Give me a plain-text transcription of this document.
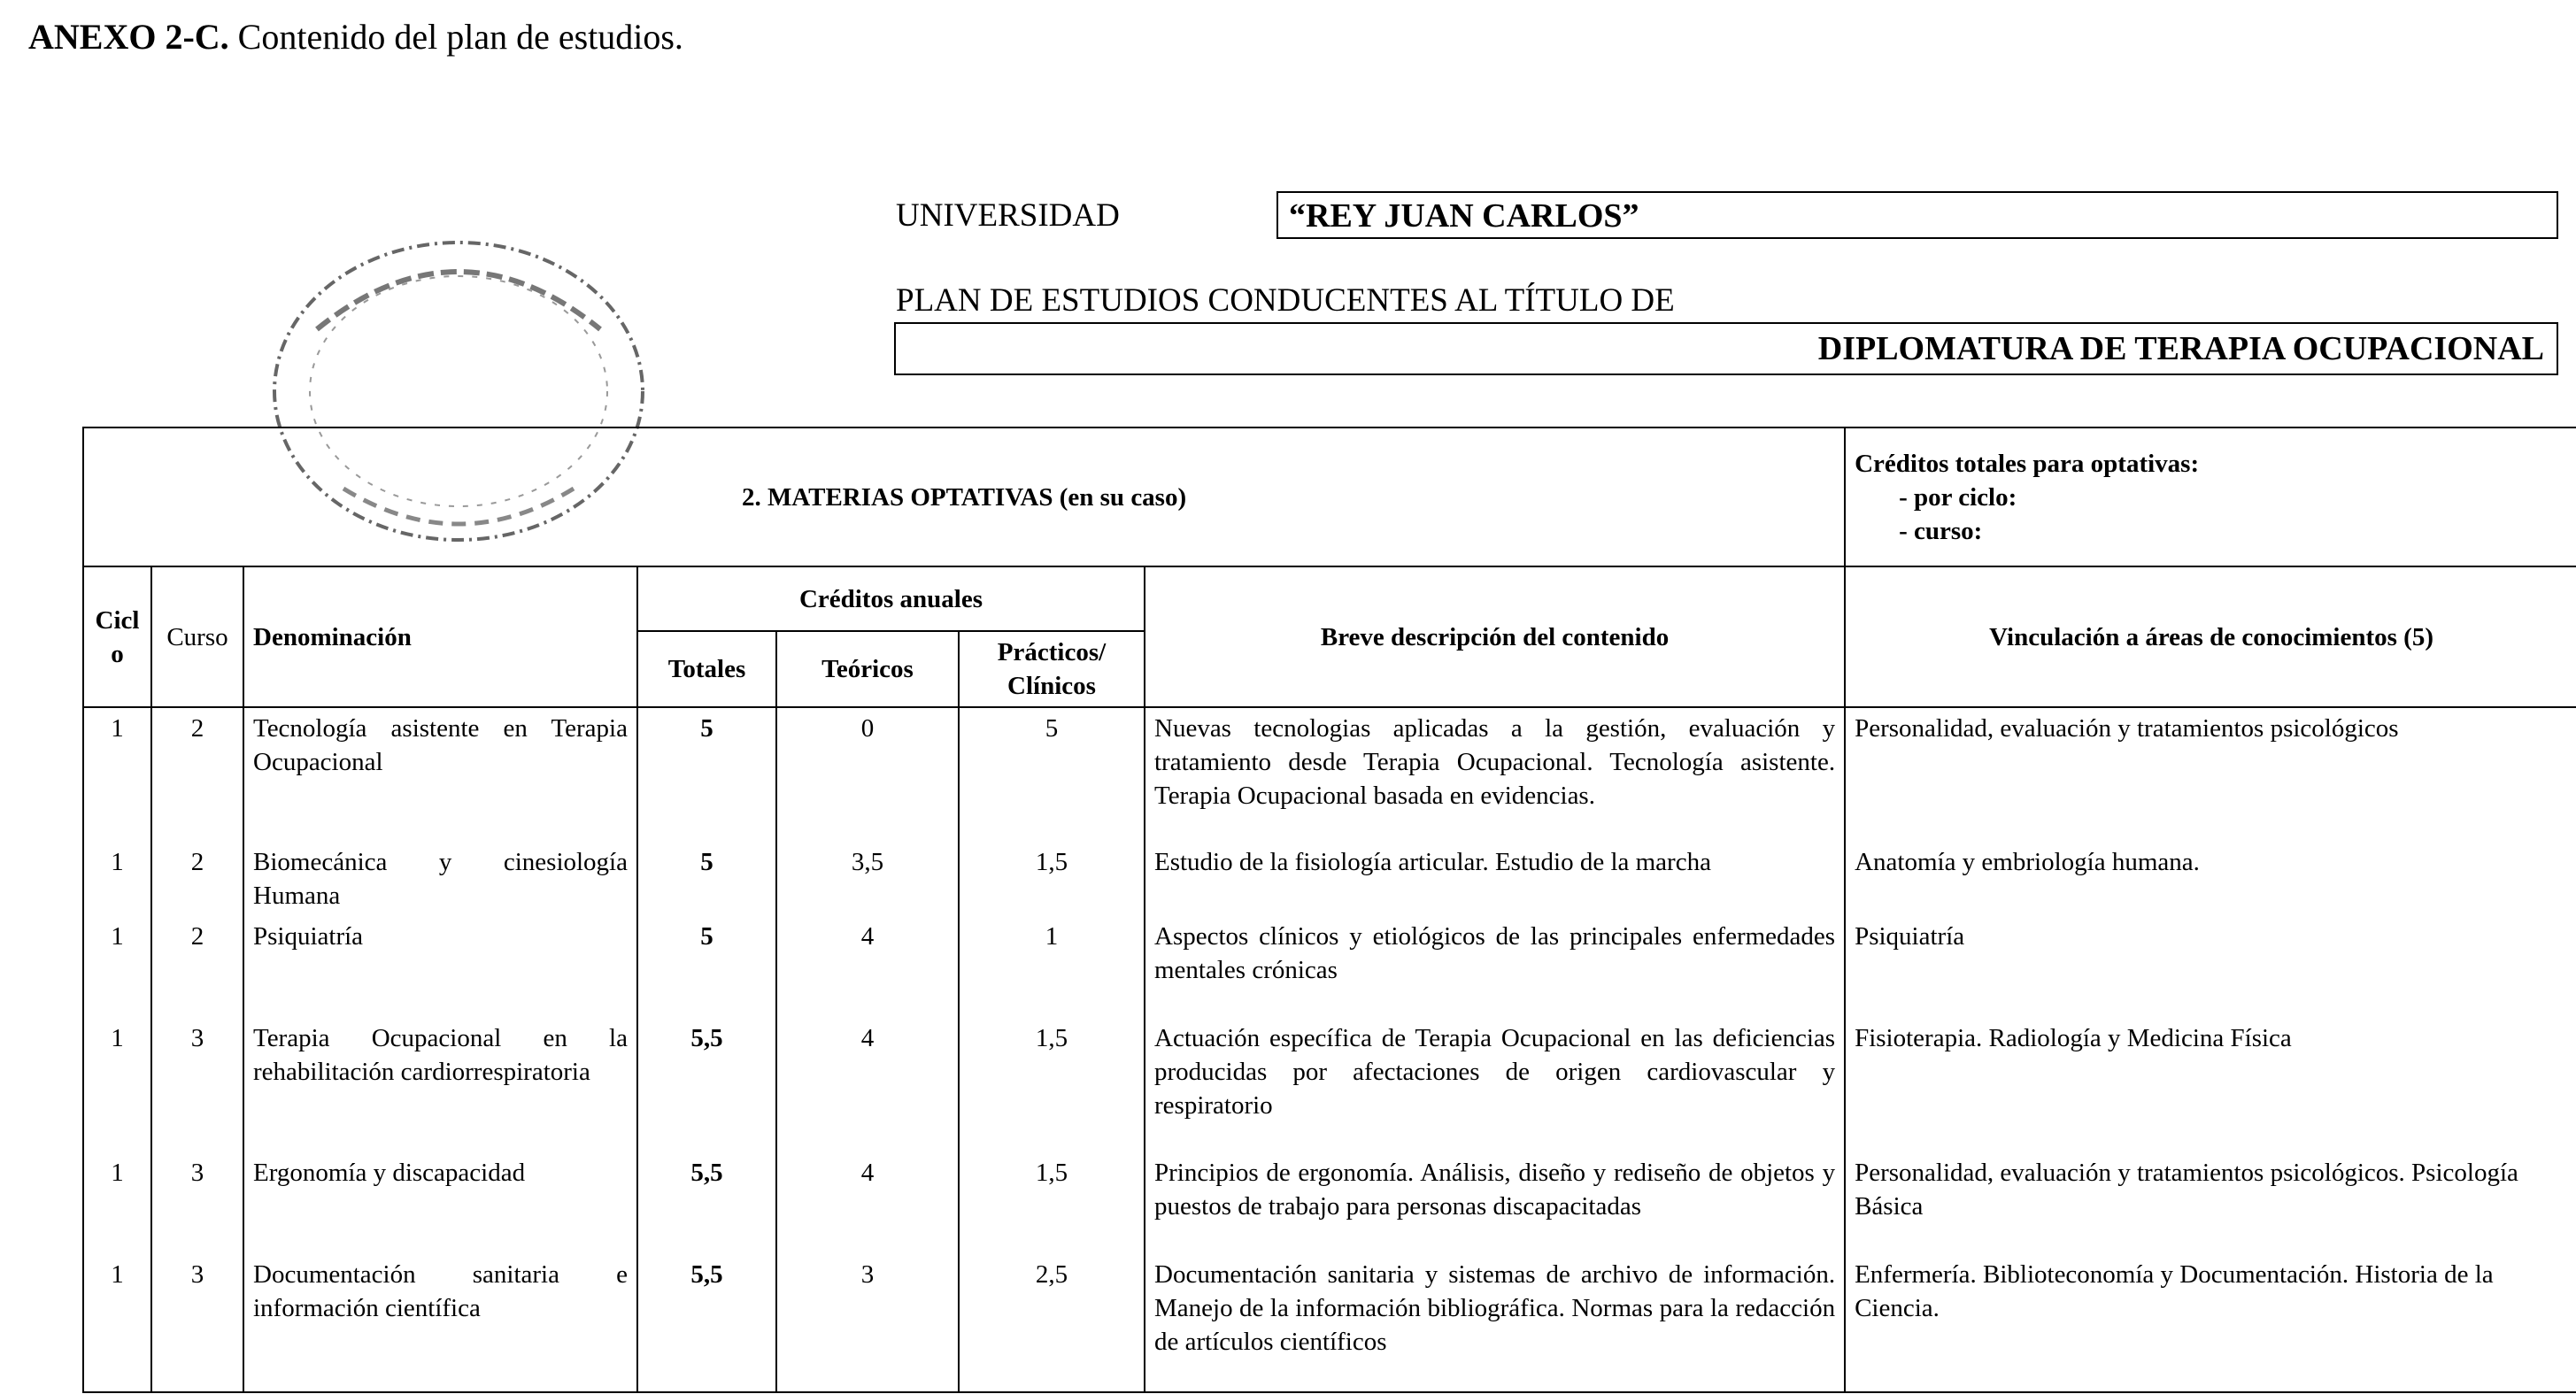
ANEXO 2-C. Contenido del plan de estudios.
UNIVERSIDAD	“REY JUAN CARLOS”
PLAN DE ESTUDIOS CONDUCENTES AL TÍTULO DE
DIPLOMATURA DE TERAPIA OCUPACIONAL
2. MATERIAS OPTATIVAS (en su caso)							Créditos totales para optativas:
- por ciclo:
- curso:

Cicl o	Curso	Denominación	Créditos anuales			Breve descripción del contenido	Vinculación a áreas de conocimientos (5)
			Totales	Teóricos	Prácticos/ Clínicos		
1	2	Tecnología asistente en Terapia Ocupacional	5	0	5	Nuevas tecnologias aplicadas a la gestión, evaluación y tratamiento desde Terapia Ocupacional. Tecnología asistente. Terapia Ocupacional basada en evidencias.	Personalidad, evaluación y tratamientos psicológicos
1	2	Biomecánica y cinesiología Humana	5	3,5	1,5	Estudio de la fisiología articular. Estudio de la marcha	Anatomía y embriología humana.
1	2	Psiquiatría	5	4	1	Aspectos clínicos y etiológicos de las principales enfermedades mentales crónicas	Psiquiatría
1	3	Terapia Ocupacional en la rehabilitación cardiorrespiratoria	5,5	4	1,5	Actuación específica de Terapia Ocupacional en las deficiencias producidas por afectaciones de origen cardiovascular y respiratorio	Fisioterapia. Radiología y Medicina Física
1	3	Ergonomía y discapacidad	5,5	4	1,5	Principios de ergonomía. Análisis, diseño y rediseño de objetos y puestos de trabajo para personas discapacitadas	Personalidad, evaluación y tratamientos psicológicos. Psicología Básica
1	3	Documentación sanitaria e información científica	5,5	3	2,5	Documentación sanitaria y sistemas de archivo de información. Manejo de la información bibliográfica. Normas para la redacción de artículos científicos	Enfermería. Biblioteconomía y Documentación. Historia de la Ciencia.
